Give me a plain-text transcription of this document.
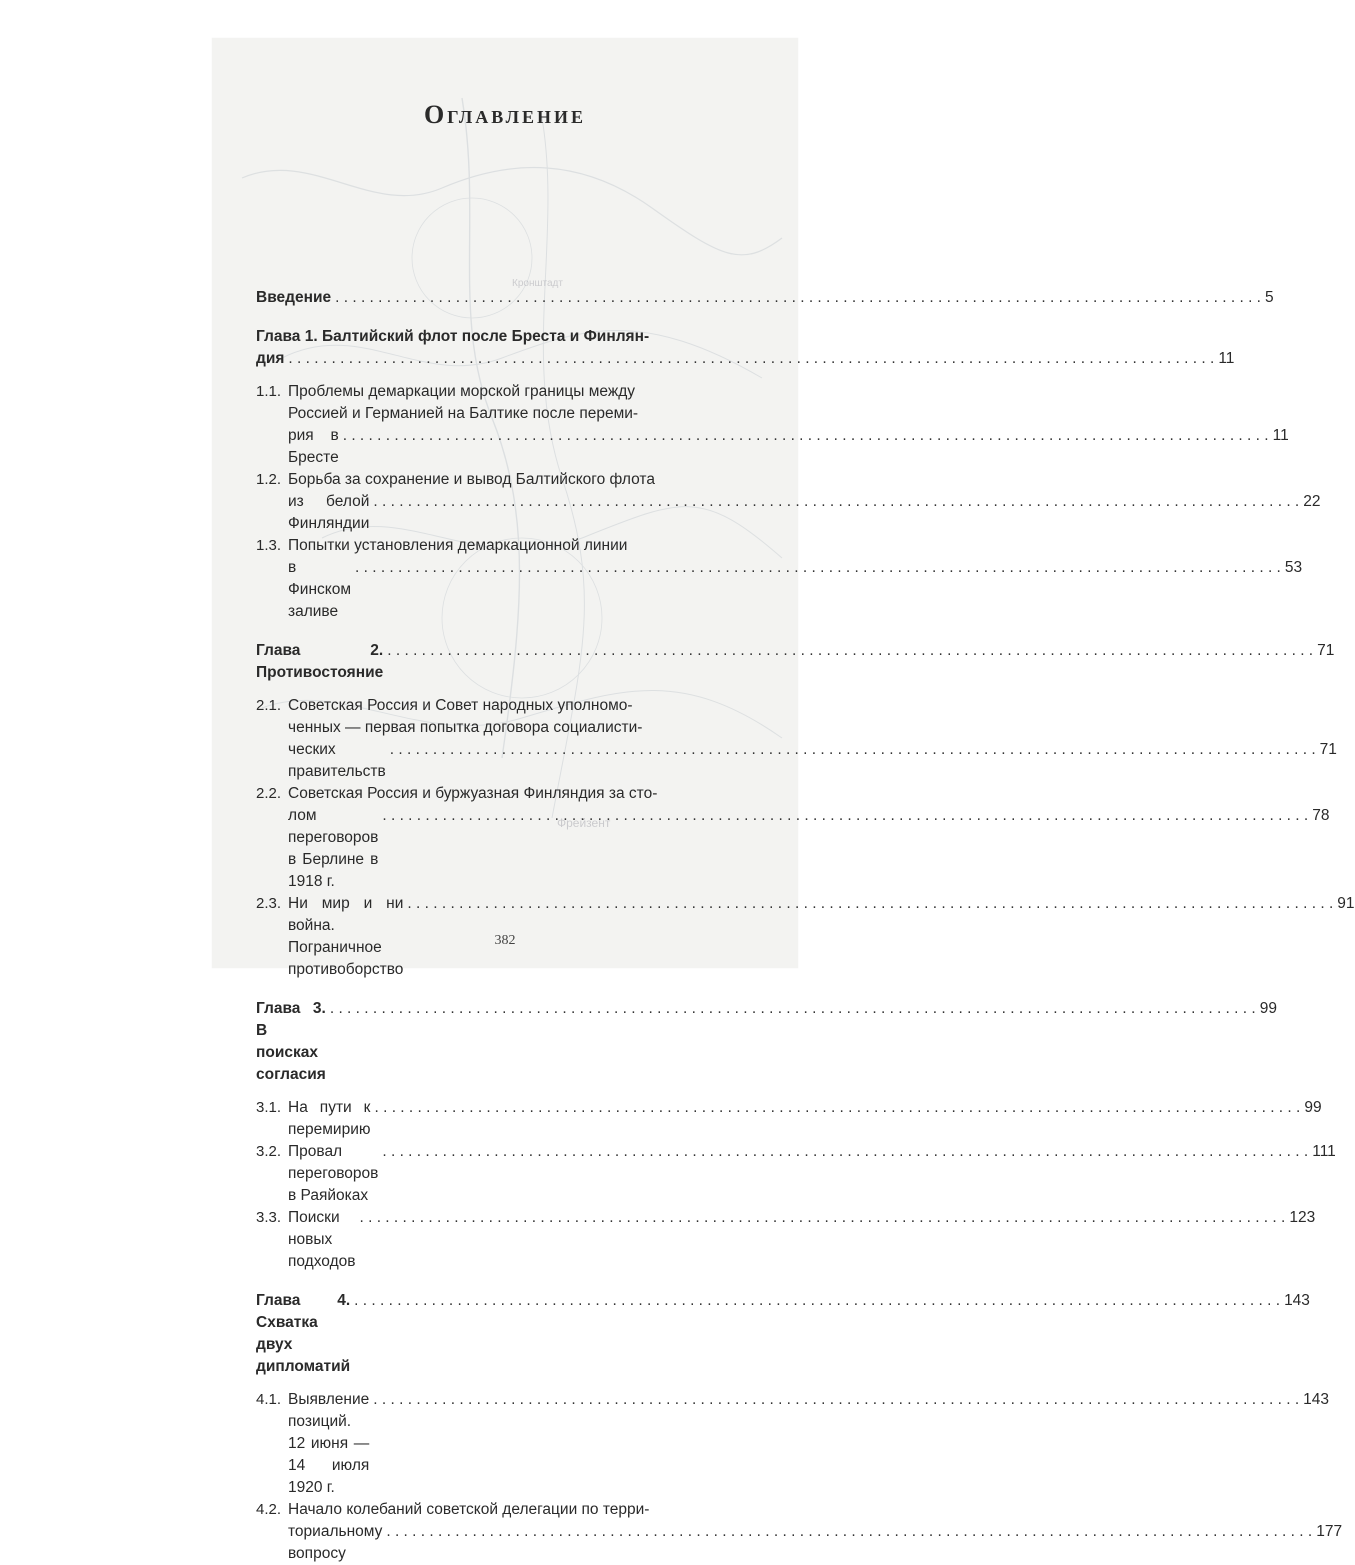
Кронштадт
Фрейзент
Оглавление
Введение . . .	5
Глава 1. Балтийский флот после Бреста и Финлян-
дия . . .	11
1.1. Проблемы демаркации морской границы между
Россией и Германией на Балтике после переми-
рия в Бресте
. . .
11
1.2. Борьба за сохранение и вывод Балтийского флота
из белой Финляндии
. . .
22
1.3. Попытки установления демаркационной линии
в Финском заливе
. . .
53
Глава 2. Противостояние
. . .
71
2.1. Советская Россия и Совет народных уполномо-
ченных — первая попытка договора социалисти-
ческих правительств
. . .
71
2.2. Советская Россия и буржуазная Финляндия за сто-
лом переговоров в Берлине в 1918 г.
. . .
78
2.3. Ни мир и ни война. Пограничное противоборство
. . .
91
Глава 3. В поисках согласия
. . .
99
3.1. На пути к перемирию
. . .
99
3.2. Провал переговоров в Раяйоках
. . .
111
3.3. Поиски новых подходов
. . .
123
Глава 4. Схватка двух дипломатий
. . .
143
4.1. Выявление позиций. 12 июня — 14 июля 1920 г.
. . .
143
4.2. Начало колебаний советской делегации по терри-
ториальному вопросу
. . .
177
382
